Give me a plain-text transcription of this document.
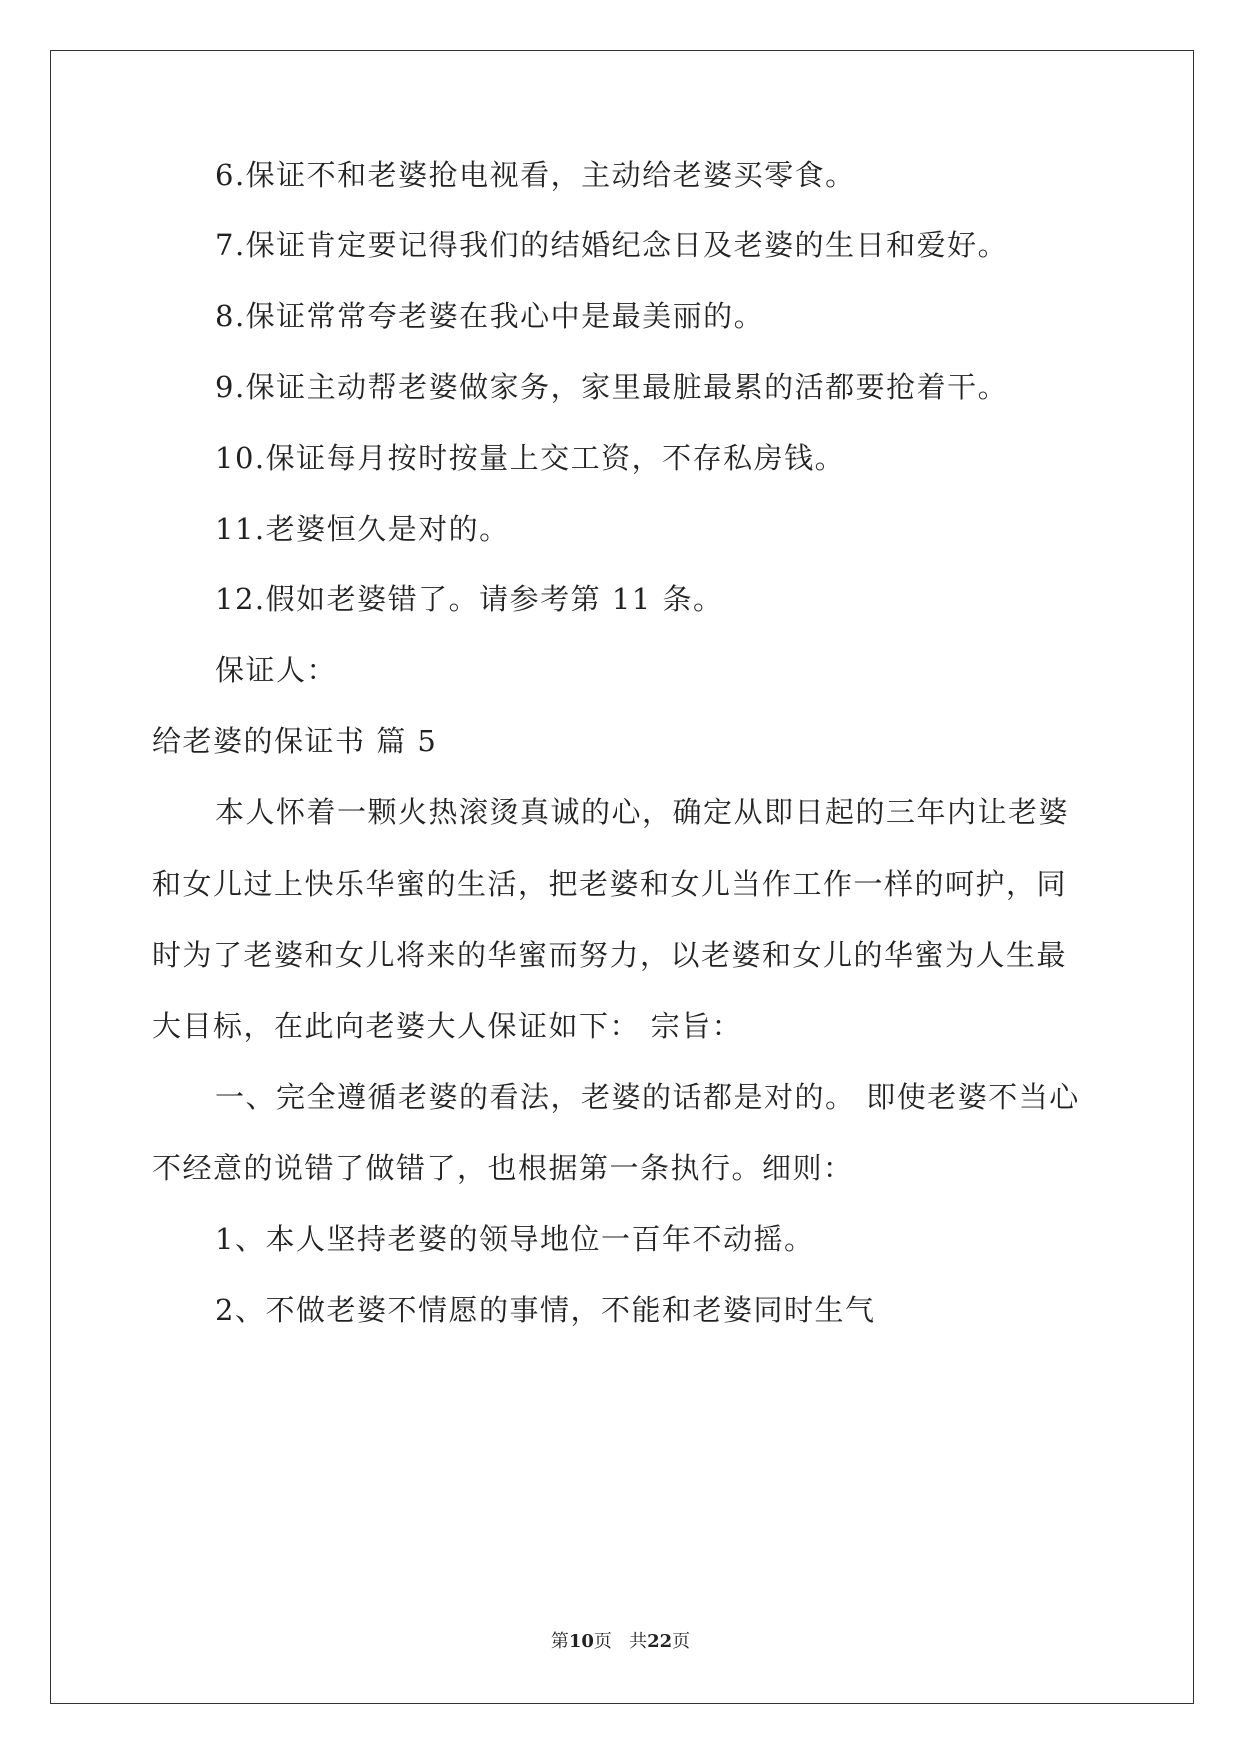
6.保证不和老婆抢电视看，主动给老婆买零食。
7.保证肯定要记得我们的结婚纪念日及老婆的生日和爱好。
8.保证常常夸老婆在我心中是最美丽的。
9.保证主动帮老婆做家务，家里最脏最累的活都要抢着干。
10.保证每月按时按量上交工资，不存私房钱。
11.老婆恒久是对的。
12.假如老婆错了。请参考第 11 条。
保证人：
给老婆的保证书 篇 5
本人怀着一颗火热滚烫真诚的心，确定从即日起的三年内让老婆
和女儿过上快乐华蜜的生活，把老婆和女儿当作工作一样的呵护，同
时为了老婆和女儿将来的华蜜而努力，以老婆和女儿的华蜜为人生最
大目标，在此向老婆大人保证如下： 宗旨：
一、完全遵循老婆的看法，老婆的话都是对的。 即使老婆不当心
不经意的说错了做错了，也根据第一条执行。细则：
1、本人坚持老婆的领导地位一百年不动摇。
2、不做老婆不情愿的事情，不能和老婆同时生气
第10页 共22页
